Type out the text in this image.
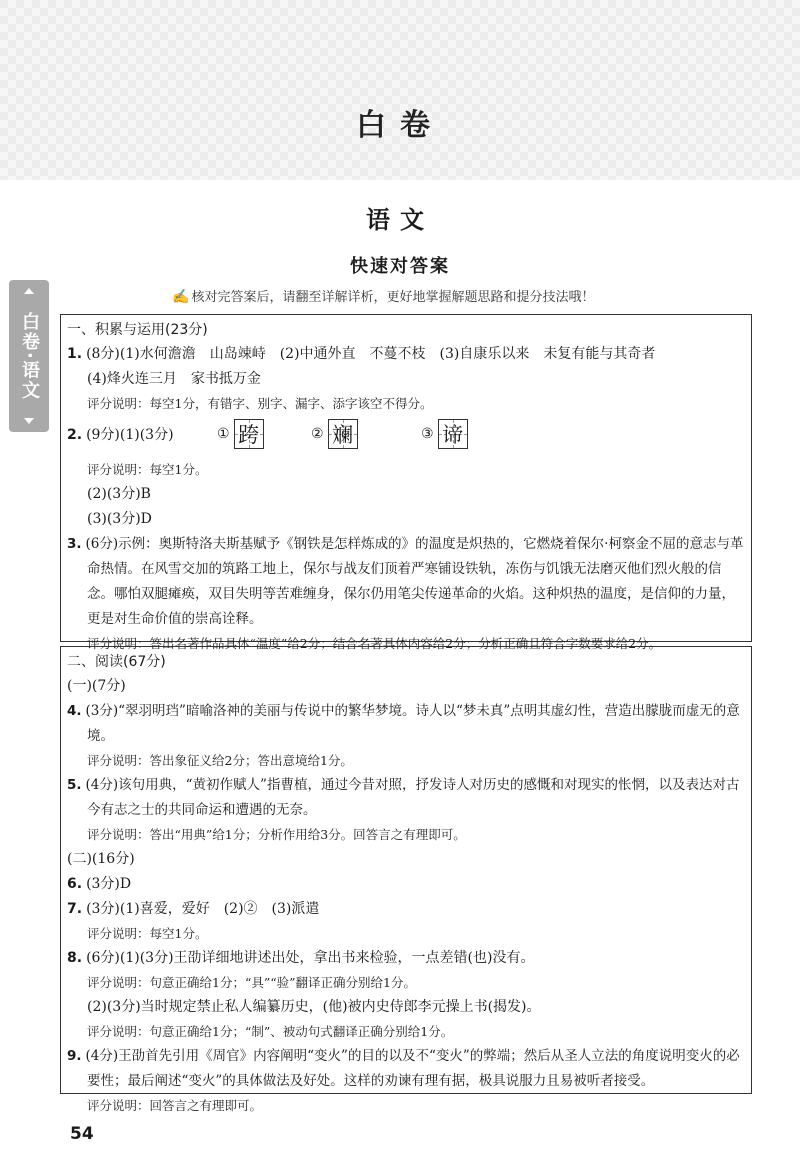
白卷
白卷·语文
语文
快速对答案
✍ 核对完答案后，请翻至详解详析，更好地掌握解题思路和提分技法哦！
一、积累与运用(23分)
1. (8分)(1)水何澹澹　山岛竦峙　(2)中通外直　不蔓不枝　(3)自康乐以来　未复有能与其奇者
(4)烽火连三月　家书抵万金
评分说明：每空1分，有错字、别字、漏字、添字该空不得分。
2. (9分)(1)(3分)	① 跨	② 斓	③ 谛
评分说明：每空1分。
(2)(3分)B
(3)(3分)D
3. (6分)示例：奥斯特洛夫斯基赋予《钢铁是怎样炼成的》的温度是炽热的，它燃烧着保尔·柯察金不屈的意志与革命热情。在风雪交加的筑路工地上，保尔与战友们顶着严寒铺设铁轨，冻伤与饥饿无法磨灭他们烈火般的信念。哪怕双腿瘫痪，双目失明等苦难缠身，保尔仍用笔尖传递革命的火焰。这种炽热的温度，是信仰的力量，更是对生命价值的崇高诠释。
评分说明：答出名著作品具体“温度”给2分；结合名著具体内容给2分；分析正确且符合字数要求给2分。
二、阅读(67分)
(一)(7分)
4. (3分)“翠羽明珰”暗喻洛神的美丽与传说中的繁华梦境。诗人以“梦未真”点明其虚幻性，营造出朦胧而虚无的意境。
评分说明：答出象征义给2分；答出意境给1分。
5. (4分)该句用典，“黄初作赋人”指曹植，通过今昔对照，抒发诗人对历史的感慨和对现实的怅惘，以及表达对古今有志之士的共同命运和遭遇的无奈。
评分说明：答出“用典”给1分；分析作用给3分。回答言之有理即可。
(二)(16分)
6. (3分)D
7. (3分)(1)喜爱，爱好　(2)②　(3)派遣
评分说明：每空1分。
8. (6分)(1)(3分)王劭详细地讲述出处，拿出书来检验，一点差错(也)没有。
评分说明：句意正确给1分；“具”“验”翻译正确分别给1分。
(2)(3分)当时规定禁止私人编纂历史，(他)被内史侍郎李元操上书(揭发)。
评分说明：句意正确给1分；“制”、被动句式翻译正确分别给1分。
9. (4分)王劭首先引用《周官》内容阐明“变火”的目的以及不“变火”的弊端；然后从圣人立法的角度说明变火的必要性；最后阐述“变火”的具体做法及好处。这样的劝谏有理有据，极具说服力且易被听者接受。
评分说明：回答言之有理即可。
54
